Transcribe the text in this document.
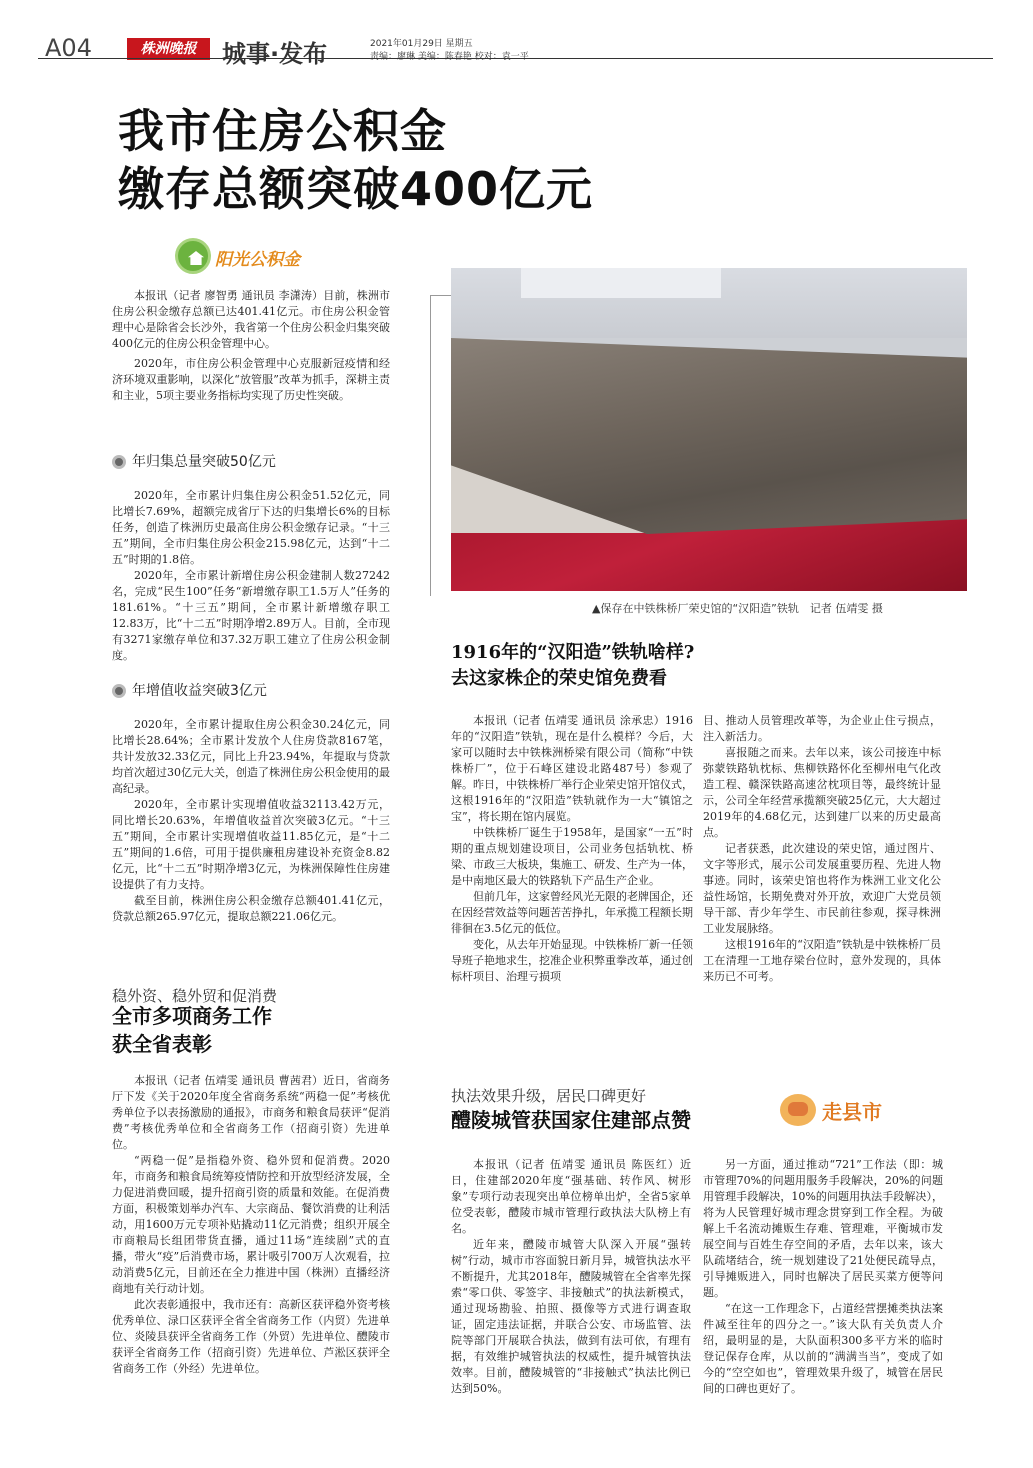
A04	株洲晚报	城事·发布	2021年01月29日 星期五
责编：廖琳 美编：陈春艳 校对：袁一平
我市住房公积金
缴存总额突破400亿元
阳光公积金

本报讯（记者 廖智勇 通讯员 李潇涛）目前，株洲市住房公积金缴存总额已达401.41亿元。市住房公积金管理中心是除省会长沙外，我省第一个住房公积金归集突破400亿元的住房公积金管理中心。

2020年，市住房公积金管理中心克服新冠疫情和经济环境双重影响，以深化“放管服”改革为抓手，深耕主责和主业，5项主要业务指标均实现了历史性突破。

年归集总量突破50亿元

2020年，全市累计归集住房公积金51.52亿元，同比增长7.69%，超额完成省厅下达的归集增长6%的目标任务，创造了株洲历史最高住房公积金缴存记录。“十三五”期间，全市归集住房公积金215.98亿元，达到“十二五”时期的1.8倍。

2020年，全市累计新增住房公积金建制人数27242名，完成“民生100”任务“新增缴存职工1.5万人”任务的181.61%。“十三五”期间，全市累计新增缴存职工12.83万，比“十二五”时期净增2.89万人。目前，全市现有3271家缴存单位和37.32万职工建立了住房公积金制度。

年增值收益突破3亿元

2020年，全市累计提取住房公积金30.24亿元，同比增长28.64%；全市累计发放个人住房贷款8167笔，共计发放32.33亿元，同比上升23.94%，年提取与贷款均首次超过30亿元大关，创造了株洲住房公积金使用的最高纪录。

2020年，全市累计实现增值收益32113.42万元，同比增长20.63%，年增值收益首次突破3亿元。“十三五”期间，全市累计实现增值收益11.85亿元，是“十二五”期间的1.6倍，可用于提供廉租房建设补充资金8.82亿元，比“十二五”时期净增3亿元，为株洲保障性住房建设提供了有力支持。

截至目前，株洲住房公积金缴存总额401.41亿元，贷款总额265.97亿元，提取总额221.06亿元。

▲保存在中铁株桥厂荣史馆的“汉阳造”铁轨　记者 伍靖雯 摄
1916年的“汉阳造”铁轨啥样?
去这家株企的荣史馆免费看

本报讯（记者 伍靖雯 通讯员 涂承忠）1916年的“汉阳造”铁轨，现在是什么模样？今后，大家可以随时去中铁株洲桥梁有限公司（简称“中铁株桥厂”，位于石峰区建设北路487号）参观了解。昨日，中铁株桥厂举行企业荣史馆开馆仪式，这根1916年的“汉阳造”铁轨就作为一大“镇馆之宝”，将长期在馆内展览。

中铁株桥厂诞生于1958年，是国家“一五”时期的重点规划建设项目，公司业务包括轨枕、桥梁、市政三大板块，集施工、研发、生产为一体，是中南地区最大的铁路轨下产品生产企业。

但前几年，这家曾经风光无限的老牌国企，还在因经营效益等问题苦苦挣扎，年承揽工程额长期徘徊在3.5亿元的低位。

变化，从去年开始显现。中铁株桥厂新一任领导班子艳地求生，挖准企业积弊重拳改革，通过创标杆项目、治理亏损项

目、推动人员管理改革等，为企业止住亏损点，注入新活力。

喜报随之而来。去年以来，该公司接连中标弥蒙铁路轨枕标、焦柳铁路怀化至柳州电气化改造工程、赣深铁路高速岔枕项目等，最终统计显示，公司全年经营承揽额突破25亿元，大大超过2019年的4.68亿元，达到建厂以来的历史最高点。

记者获悉，此次建设的荣史馆，通过图片、文字等形式，展示公司发展重要历程、先进人物事迹。同时，该荣史馆也将作为株洲工业文化公益性场馆，长期免费对外开放，欢迎广大党员领导干部、青少年学生、市民前往参观，探寻株洲工业发展脉络。

这根1916年的“汉阳造”铁轨是中铁株桥厂员工在清理一工地存梁台位时，意外发现的，具体来历已不可考。

稳外资、稳外贸和促消费
全市多项商务工作
获全省表彰

本报讯（记者 伍靖雯 通讯员 曹茜君）近日，省商务厅下发《关于2020年度全省商务系统“两稳一促”考核优秀单位予以表扬激励的通报》，市商务和粮食局获评“促消费”考核优秀单位和全省商务工作（招商引资）先进单位。

“两稳一促”是指稳外资、稳外贸和促消费。2020年，市商务和粮食局统筹疫情防控和开放型经济发展，全力促进消费回暖，提升招商引资的质量和效能。在促消费方面，积极策划举办汽车、大宗商品、餐饮消费的让利活动，用1600万元专项补贴撬动11亿元消费；组织开展全市商粮局长组团带货直播，通过11场“连续剧”式的直播，带火“疫”后消费市场，累计吸引700万人次观看，拉动消费5亿元，目前还在全力推进中国（株洲）直播经济商地有关行动计划。

此次表彰通报中，我市还有：高新区获评稳外资考核优秀单位、渌口区获评全省全省商务工作（内贸）先进单位、炎陵县获评全省商务工作（外贸）先进单位、醴陵市获评全省商务工作（招商引资）先进单位、芦淞区获评全省商务工作（外经）先进单位。

执法效果升级，居民口碑更好
醴陵城管获国家住建部点赞	走县市

本报讯（记者 伍靖雯 通讯员 陈医红）近日，住建部2020年度“强基础、转作风、树形象”专项行动表现突出单位榜单出炉，全省5家单位受表彰，醴陵市城市管理行政执法大队榜上有名。

近年来，醴陵市城管大队深入开展“强转树”行动，城市市容面貌日新月异，城管执法水平不断提升，尤其2018年，醴陵城管在全省率先探索“零口供、零签字、非接触式”的执法新模式，通过现场勘验、拍照、摄像等方式进行调查取证，固定违法证据，并联合公安、市场监管、法院等部门开展联合执法，做到有法可依，有理有据，有效维护城管执法的权威性，提升城管执法效率。目前，醴陵城管的“非接触式”执法比例已达到50%。

另一方面，通过推动“721”工作法（即：城市管理70%的问题用服务手段解决，20%的问题用管理手段解决，10%的问题用执法手段解决），将为人民管理好城市理念贯穿到工作全程。为破解上千名流动摊贩生存难、管理难，平衡城市发展空间与百姓生存空间的矛盾，去年以来，该大队疏堵结合，统一规划建设了21处便民疏导点，引导摊贩进入，同时也解决了居民买菜方便等问题。

“在这一工作理念下，占道经营摆摊类执法案件减至往年的四分之一。”该大队有关负责人介绍，最明显的是，大队面积300多平方米的临时登记保存仓库，从以前的“满满当当”，变成了如今的“空空如也”，管理效果升级了，城管在居民间的口碑也更好了。
